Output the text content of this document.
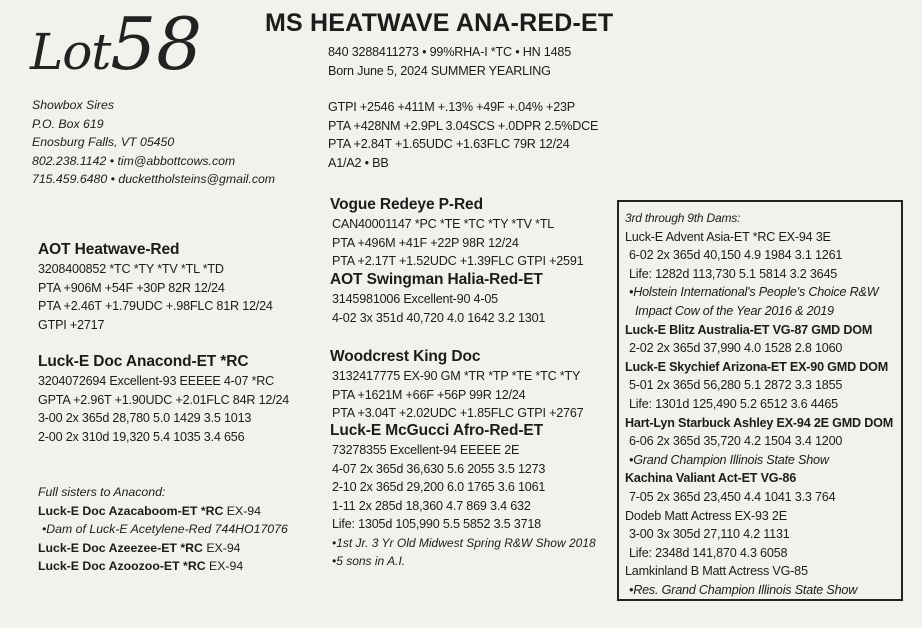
Lot58	MS HEATWAVE ANA-RED-ET
840 3288411273 • 99%RHA-I *TC • HN 1485
Born June 5, 2024 SUMMER YEARLING
GTPI +2546 +411M +.13% +49F +.04% +23P
PTA +428NM +2.9PL 3.04SCS +.0DPR 2.5%DCE
PTA +2.84T +1.65UDC +1.63FLC 79R 12/24
A1/A2 • BB
Showbox Sires
P.O. Box 619
Enosburg Falls, VT 05450
802.238.1142 • tim@abbottcows.com
715.459.6480 • duckettholsteins@gmail.com
AOT Heatwave-Red
3208400852 *TC *TY *TV *TL *TD
PTA +906M +54F +30P 82R 12/24
PTA +2.46T +1.79UDC +.98FLC 81R 12/24
GTPI +2717
Luck-E Doc Anacond-ET *RC
3204072694 Excellent-93 EEEEE 4-07 *RC
GPTA +2.96T +1.90UDC +2.01FLC 84R 12/24
3-00 2x 365d 28,780 5.0 1429 3.5 1013
2-00 2x 310d 19,320 5.4 1035 3.4 656
Full sisters to Anacond:
Luck-E Doc Azacaboom-ET *RC EX-94
•Dam of Luck-E Acetylene-Red 744HO17076
Luck-E Doc Azeezee-ET *RC EX-94
Luck-E Doc Azoozoo-ET *RC EX-94
Vogue Redeye P-Red
CAN40001147 *PC *TE *TC *TY *TV *TL
PTA +496M +41F +22P 98R 12/24
PTA +2.17T +1.52UDC +1.39FLC GTPI +2591
AOT Swingman Halia-Red-ET
3145981006 Excellent-90 4-05
4-02 3x 351d 40,720 4.0 1642 3.2 1301
Woodcrest King Doc
3132417775 EX-90 GM *TR *TP *TE *TC *TY
PTA +1621M +66F +56P 99R 12/24
PTA +3.04T +2.02UDC +1.85FLC GTPI +2767
Luck-E McGucci Afro-Red-ET
73278355 Excellent-94 EEEEE 2E
4-07 2x 365d 36,630 5.6 2055 3.5 1273
2-10 2x 365d 29,200 6.0 1765 3.6 1061
1-11 2x 285d 18,360 4.7 869 3.4 632
Life: 1305d 105,990 5.5 5852 3.5 3718
•1st Jr. 3 Yr Old Midwest Spring R&W Show 2018
•5 sons in A.I.
3rd through 9th Dams:
Luck-E Advent Asia-ET *RC EX-94 3E
6-02 2x 365d 40,150 4.9 1984 3.1 1261
Life: 1282d 113,730 5.1 5814 3.2 3645
•Holstein International's People's Choice R&W
Impact Cow of the Year 2016 & 2019
Luck-E Blitz Australia-ET VG-87 GMD DOM
2-02 2x 365d 37,990 4.0 1528 2.8 1060
Luck-E Skychief Arizona-ET EX-90 GMD DOM
5-01 2x 365d 56,280 5.1 2872 3.3 1855
Life: 1301d 125,490 5.2 6512 3.6 4465
Hart-Lyn Starbuck Ashley EX-94 2E GMD DOM
6-06 2x 365d 35,720 4.2 1504 3.4 1200
•Grand Champion Illinois State Show
Kachina Valiant Act-ET VG-86
7-05 2x 365d 23,450 4.4 1041 3.3 764
Dodeb Matt Actress EX-93 2E
3-00 3x 305d 27,110 4.2 1131
Life: 2348d 141,870 4.3 6058
Lamkinland B Matt Actress VG-85
•Res. Grand Champion Illinois State Show
